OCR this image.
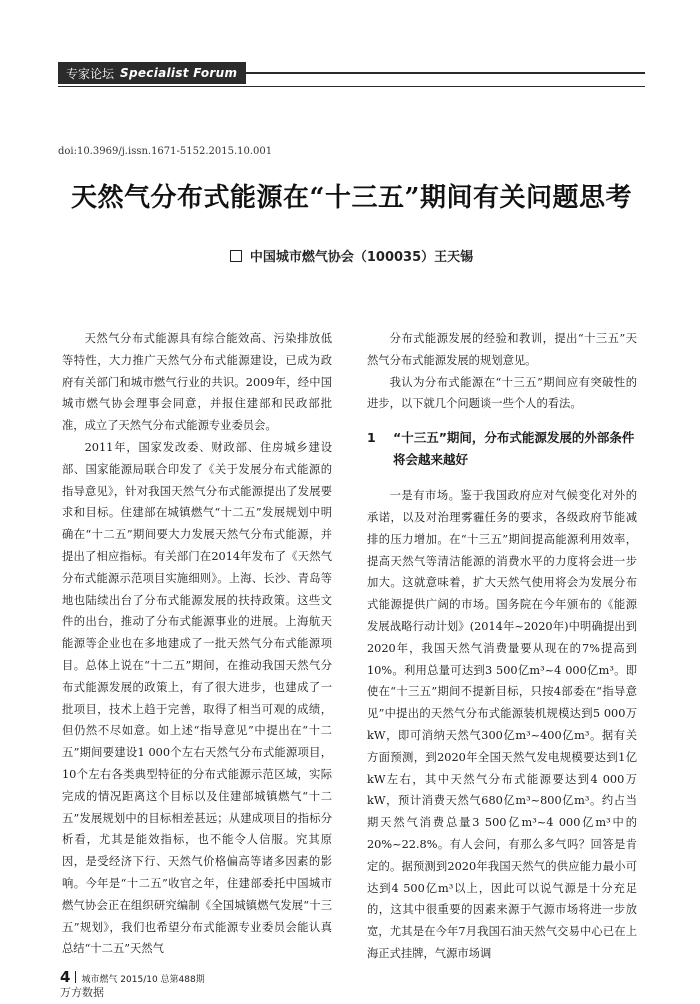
专家论坛 Specialist Forum
doi:10.3969/j.issn.1671-5152.2015.10.001
天然气分布式能源在“十三五”期间有关问题思考
中国城市燃气协会（100035）王天锡

天然气分布式能源具有综合能效高、污染排放低等特性，大力推广天然气分布式能源建设，已成为政府有关部门和城市燃气行业的共识。2009年，经中国城市燃气协会理事会同意，并报住建部和民政部批准，成立了天然气分布式能源专业委员会。

2011年，国家发改委、财政部、住房城乡建设部、国家能源局联合印发了《关于发展分布式能源的指导意见》，针对我国天然气分布式能源提出了发展要求和目标。住建部在城镇燃气“十二五”发展规划中明确在“十二五”期间要大力发展天然气分布式能源，并提出了相应指标。有关部门在2014年发布了《天然气分布式能源示范项目实施细则》。上海、长沙、青岛等地也陆续出台了分布式能源发展的扶持政策。这些文件的出台，推动了分布式能源事业的进展。上海航天能源等企业也在多地建成了一批天然气分布式能源项目。总体上说在“十二五”期间，在推动我国天然气分布式能源发展的政策上，有了很大进步，也建成了一批项目，技术上趋于完善，取得了相当可观的成绩，但仍然不尽如意。如上述“指导意见”中提出在“十二五”期间要建设1 000个左右天然气分布式能源项目，10个左右各类典型特征的分布式能源示范区域，实际完成的情况距离这个目标以及住建部城镇燃气“十二五”发展规划中的目标相差甚远；从建成项目的指标分析看，尤其是能效指标，也不能令人信服。究其原因，是受经济下行、天然气价格偏高等诸多因素的影响。今年是“十二五”收官之年，住建部委托中国城市燃气协会正在组织研究编制《全国城镇燃气发展“十三五”规划》，我们也希望分布式能源专业委员会能认真总结“十二五”天然气

分布式能源发展的经验和教训，提出“十三五”天然气分布式能源发展的规划意见。

我认为分布式能源在“十三五”期间应有突破性的进步，以下就几个问题谈一些个人的看法。

1	“十三五”期间，分布式能源发展的外部条件将会越来越好

一是有市场。鉴于我国政府应对气候变化对外的承诺，以及对治理雾霾任务的要求，各级政府节能减排的压力增加。在“十三五”期间提高能源利用效率，提高天然气等清洁能源的消费水平的力度将会进一步加大。这就意味着，扩大天然气使用将会为发展分布式能源提供广阔的市场。国务院在今年颁布的《能源发展战略行动计划》(2014年~2020年)中明确提出到2020年，我国天然气消费量要从现在的7%提高到10%。利用总量可达到3 500亿m³~4 000亿m³。即使在“十三五”期间不提新目标，只按4部委在“指导意见”中提出的天然气分布式能源装机规模达到5 000万kW，即可消纳天然气300亿m³~400亿m³。据有关方面预测，到2020年全国天然气发电规模要达到1亿kW左右，其中天然气分布式能源要达到4 000万kW，预计消费天然气680亿m³~800亿m³。约占当期天然气消费总量3 500亿m³~4 000亿m³中的20%~22.8%。有人会问，有那么多气吗？回答是肯定的。据预测到2020年我国天然气的供应能力最小可达到4 500亿m³以上，因此可以说气源是十分充足的，这其中很重要的因素来源于气源市场将进一步放宽，尤其是在今年7月我国石油天然气交易中心已在上海正式挂牌，气源市场调

4 城市燃气 2015/10 总第488期
万方数据
